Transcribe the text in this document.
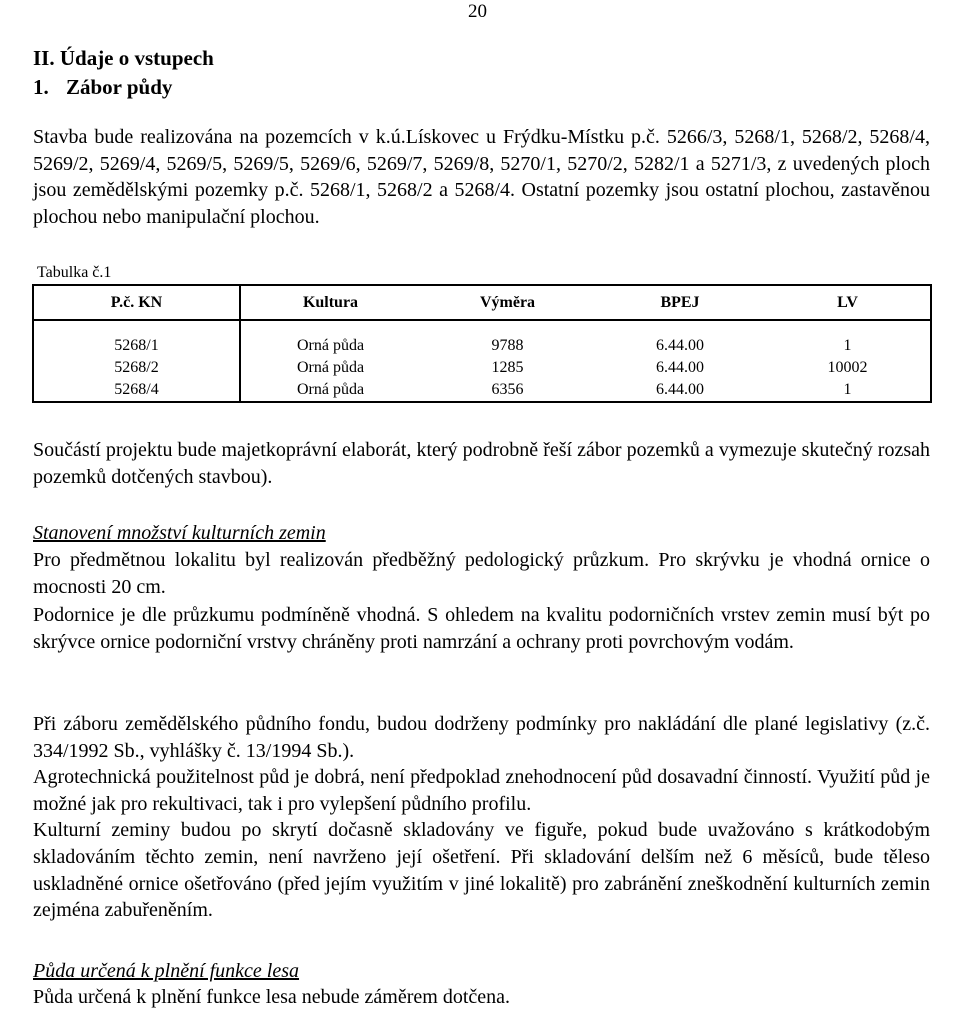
20
II. Údaje o vstupech
1. Zábor půdy

Stavba bude realizována na pozemcích v k.ú.Lískovec u Frýdku-Místku p.č. 5266/3, 5268/1, 5268/2, 5268/4, 5269/2, 5269/4, 5269/5, 5269/5, 5269/6, 5269/7, 5269/8, 5270/1, 5270/2, 5282/1 a 5271/3, z uvedených ploch jsou zemědělskými pozemky p.č. 5268/1, 5268/2 a 5268/4. Ostatní pozemky jsou ostatní plochou, zastavěnou plochou nebo manipulační plochou.

Tabulka č.1
P.č. KN	Kultura	Výměra	BPEJ	LV
5268/1	Orná půda	9788	6.44.00	1
5268/2	Orná půda	1285	6.44.00	10002
5268/4	Orná půda	6356	6.44.00	1

Součástí projektu bude majetkoprávní elaborát, který podrobně řeší zábor pozemků a vymezuje skutečný rozsah pozemků dotčených stavbou).

Stanovení množství kulturních zemin

Pro předmětnou lokalitu byl realizován předběžný pedologický průzkum. Pro skrývku je vhodná ornice o mocnosti 20 cm.

Podornice je dle průzkumu podmíněně vhodná. S ohledem na kvalitu podorničních vrstev zemin musí být po skrývce ornice podorniční vrstvy chráněny proti namrzání a ochrany proti povrchovým vodám.

Při záboru zemědělského půdního fondu, budou dodrženy podmínky pro nakládání dle plané legislativy (z.č. 334/1992 Sb., vyhlášky č. 13/1994 Sb.).
Agrotechnická použitelnost půd je dobrá, není předpoklad znehodnocení půd dosavadní činností. Využití půd je možné jak pro rekultivaci, tak i pro vylepšení půdního profilu.
Kulturní zeminy budou po skrytí dočasně skladovány ve figuře, pokud bude uvažováno s krátkodobým skladováním těchto zemin, není navrženo její ošetření. Při skladování delším než 6 měsíců, bude těleso uskladněné ornice ošetřováno (před jejím využitím v jiné lokalitě) pro zabránění zneškodnění kulturních zemin zejména zabuřeněním.
Půda určená k plnění funkce lesa

Půda určená k plnění funkce lesa nebude záměrem dotčena.
